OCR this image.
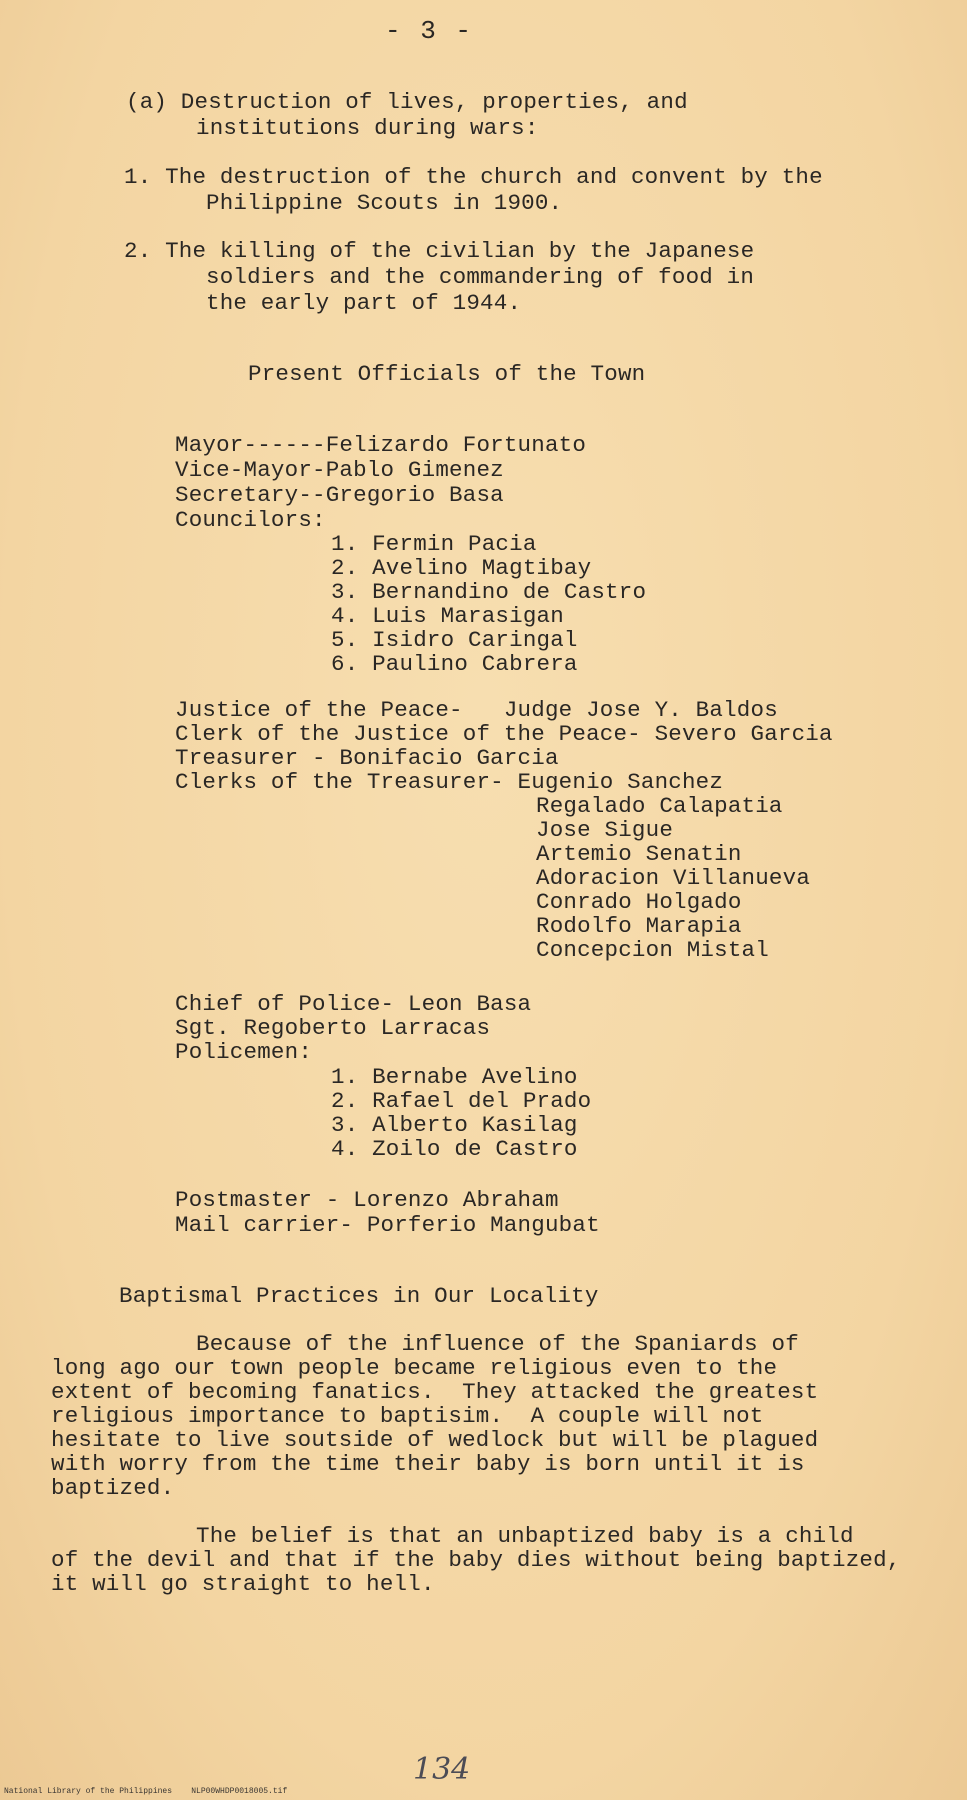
- 3 -
(a) Destruction of lives, properties, and
institutions during wars:
1. The destruction of the church and convent by the
Philippine Scouts in 1900.
2. The killing of the civilian by the Japanese
soldiers and the commandering of food in
the early part of 1944.
Present Officials of the Town
Mayor------Felizardo Fortunato
Vice-Mayor-Pablo Gimenez
Secretary--Gregorio Basa
Councilors:
1. Fermin Pacia
2. Avelino Magtibay
3. Bernandino de Castro
4. Luis Marasigan
5. Isidro Caringal
6. Paulino Cabrera
Justice of the Peace-   Judge Jose Y. Baldos
Clerk of the Justice of the Peace- Severo Garcia
Treasurer - Bonifacio Garcia
Clerks of the Treasurer- Eugenio Sanchez
Regalado Calapatia
Jose Sigue
Artemio Senatin
Adoracion Villanueva
Conrado Holgado
Rodolfo Marapia
Concepcion Mistal
Chief of Police- Leon Basa
Sgt. Regoberto Larracas
Policemen:
1. Bernabe Avelino
2. Rafael del Prado
3. Alberto Kasilag
4. Zoilo de Castro
Postmaster - Lorenzo Abraham
Mail carrier- Porferio Mangubat
Baptismal Practices in Our Locality
Because of the influence of the Spaniards of
long ago our town people became religious even to the
extent of becoming fanatics.  They attacked the greatest
religious importance to baptisim.  A couple will not
hesitate to live soutside of wedlock but will be plagued
with worry from the time their baby is born until it is
baptized.
The belief is that an unbaptized baby is a child
of the devil and that if the baby dies without being baptized,
it will go straight to hell.
134
National Library of the Philippines    NLP00WHDP0018005.tif
